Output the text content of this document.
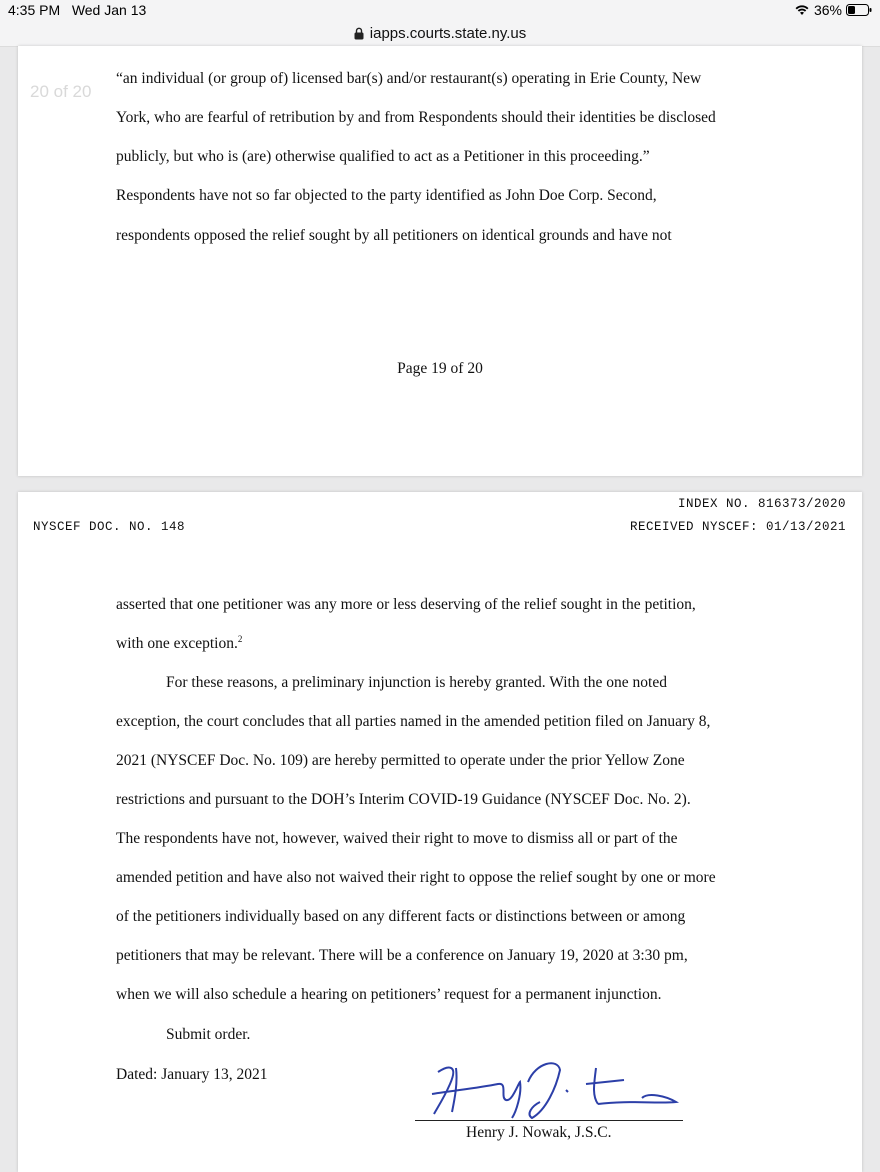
4:35 PM Wed Jan 13	36%
iapps.courts.state.ny.us
20 of 20
“an individual (or group of) licensed bar(s) and/or restaurant(s) operating in Erie County, New
York, who are fearful of retribution by and from Respondents should their identities be disclosed
publicly, but who is (are) otherwise qualified to act as a Petitioner in this proceeding.”
Respondents have not so far objected to the party identified as John Doe Corp. Second,
respondents opposed the relief sought by all petitioners on identical grounds and have not
Page 19 of 20
INDEX NO. 816373/2020
NYSCEF DOC. NO. 148	RECEIVED NYSCEF: 01/13/2021
asserted that one petitioner was any more or less deserving of the relief sought in the petition,
with one exception.$^2$
For these reasons, a preliminary injunction is hereby granted. With the one noted
exception, the court concludes that all parties named in the amended petition filed on January 8,
2021 (NYSCEF Doc. No. 109) are hereby permitted to operate under the prior Yellow Zone
restrictions and pursuant to the DOH’s Interim COVID-19 Guidance (NYSCEF Doc. No. 2).
The respondents have not, however, waived their right to move to dismiss all or part of the
amended petition and have also not waived their right to oppose the relief sought by one or more
of the petitioners individually based on any different facts or distinctions between or among
petitioners that may be relevant. There will be a conference on January 19, 2020 at 3:30 pm,
when we will also schedule a hearing on petitioners’ request for a permanent injunction.
Submit order.
Dated: January 13, 2021
Henry J. Nowak, J.S.C.
